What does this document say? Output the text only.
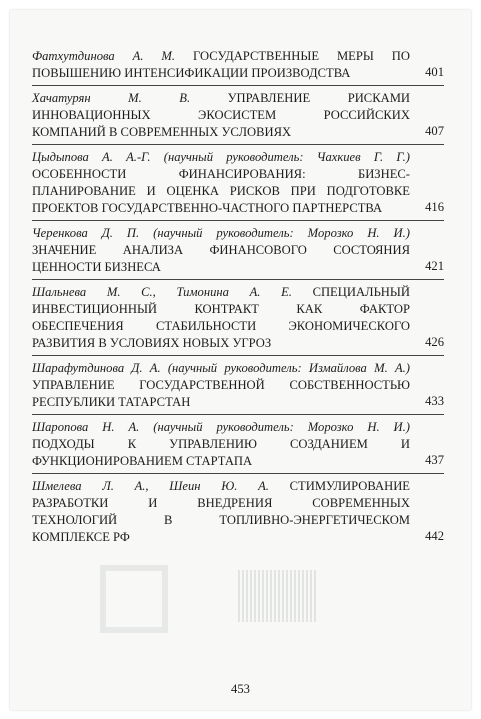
Фатхутдинова А. М. ГОСУДАРСТВЕННЫЕ МЕРЫ ПО

ПОВЫШЕНИЮ ИНТЕНСИФИКАЦИИ ПРОИЗВОДСТВА	401

Хачатурян М. В. УПРАВЛЕНИЕ РИСКАМИ

ИННОВАЦИОННЫХ ЭКОСИСТЕМ РОССИЙСКИХ

КОМПАНИЙ В СОВРЕМЕННЫХ УСЛОВИЯХ	407

Цыдыпова А. А.-Г. (научный руководитель: Чахкиев Г. Г.)

ОСОБЕННОСТИ ФИНАНСИРОВАНИЯ: БИЗНЕС-

ПЛАНИРОВАНИЕ И ОЦЕНКА РИСКОВ ПРИ ПОДГОТОВКЕ

ПРОЕКТОВ ГОСУДАРСТВЕННО-ЧАСТНОГО ПАРТНЕРСТВА	416

Черенкова Д. П. (научный руководитель: Морозко Н. И.)

ЗНАЧЕНИЕ АНАЛИЗА ФИНАНСОВОГО СОСТОЯНИЯ

ЦЕННОСТИ БИЗНЕСА	421

Шальнева М. С., Тимонина А. Е. СПЕЦИАЛЬНЫЙ

ИНВЕСТИЦИОННЫЙ КОНТРАКТ КАК ФАКТОР

ОБЕСПЕЧЕНИЯ СТАБИЛЬНОСТИ ЭКОНОМИЧЕСКОГО

РАЗВИТИЯ В УСЛОВИЯХ НОВЫХ УГРОЗ	426

Шарафутдинова Д. А. (научный руководитель: Измайлова М. А.)

УПРАВЛЕНИЕ ГОСУДАРСТВЕННОЙ СОБСТВЕННОСТЬЮ

РЕСПУБЛИКИ ТАТАРСТАН	433

Шаропова Н. А. (научный руководитель: Морозко Н. И.)

ПОДХОДЫ К УПРАВЛЕНИЮ СОЗДАНИЕМ И

ФУНКЦИОНИРОВАНИЕМ СТАРТАПА	437

Шмелева Л. А., Шеин Ю. А. СТИМУЛИРОВАНИЕ

РАЗРАБОТКИ И ВНЕДРЕНИЯ СОВРЕМЕННЫХ

ТЕХНОЛОГИЙ В ТОПЛИВНО-ЭНЕРГЕТИЧЕСКОМ

КОМПЛЕКСЕ РФ	442
453
